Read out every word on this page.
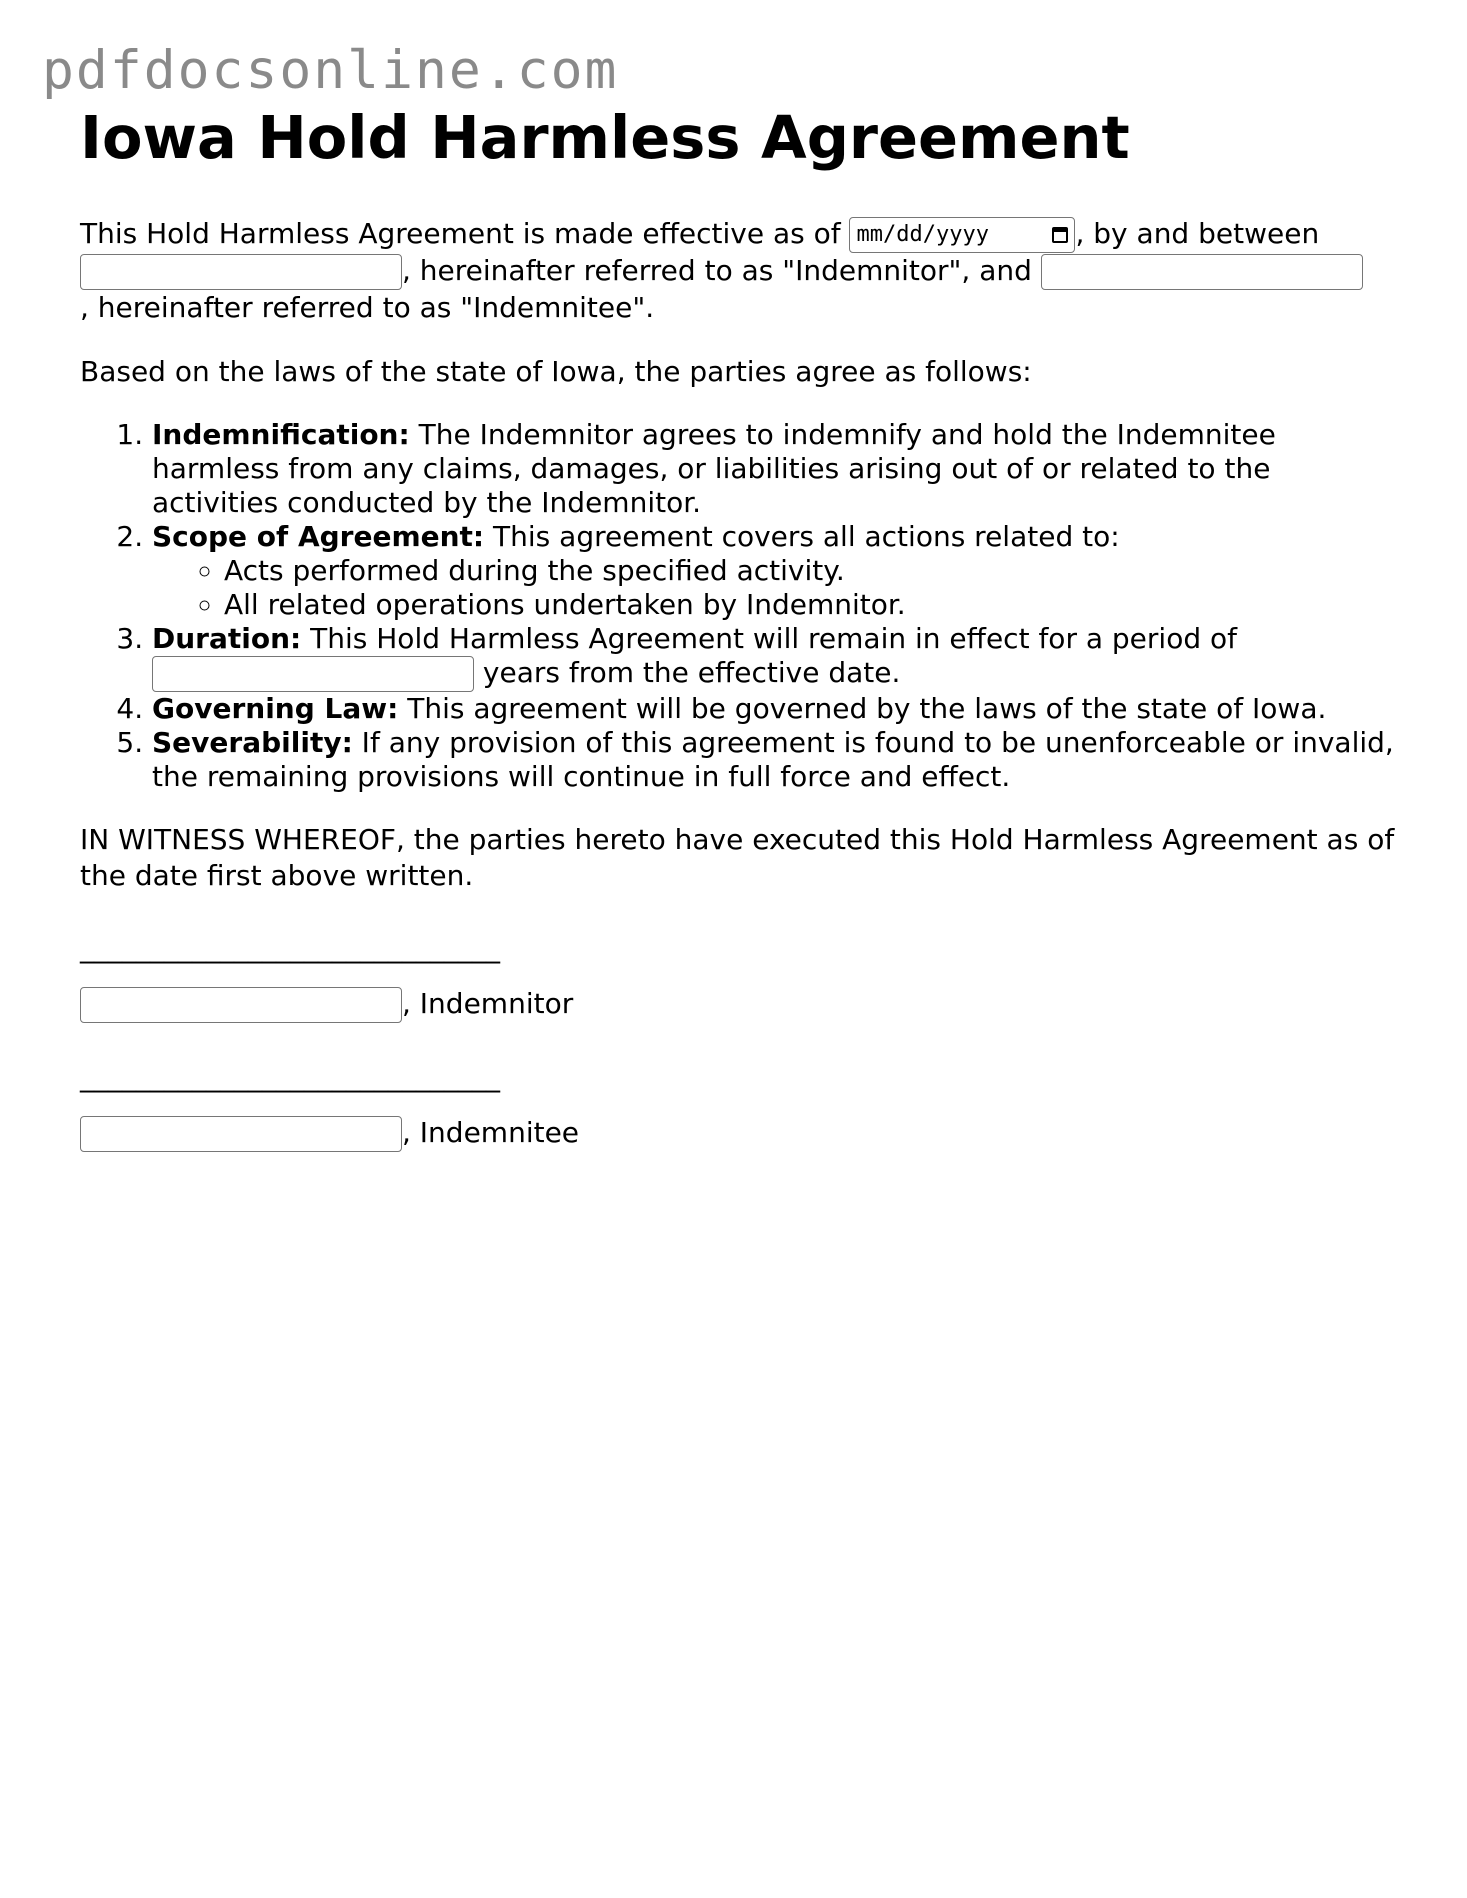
pdfdocsonline.com
Iowa Hold Harmless Agreement

This Hold Harmless Agreement is made effective as of mm/dd/yyyy	, by and between , hereinafter referred to as "Indemnitor", and
, hereinafter referred to as "Indemnitee".

Based on the laws of the state of Iowa, the parties agree as follows:

1. Indemnification: The Indemnitor agrees to indemnify and hold the Indemnitee harmless from any claims, damages, or liabilities arising out of or related to the activities conducted by the Indemnitor.
2. Scope of Agreement: This agreement covers all actions related to:
◦ Acts performed during the specified activity.
◦ All related operations undertaken by Indemnitor.
3. Duration: This Hold Harmless Agreement will remain in effect for a period of  years from the effective date.
4. Governing Law: This agreement will be governed by the laws of the state of Iowa.
5. Severability: If any provision of this agreement is found to be unenforceable or invalid, the remaining provisions will continue in full force and effect.

IN WITNESS WHEREOF, the parties hereto have executed this Hold Harmless Agreement as of the date first above written.

______________________________
, Indemnitor
______________________________
, Indemnitee
